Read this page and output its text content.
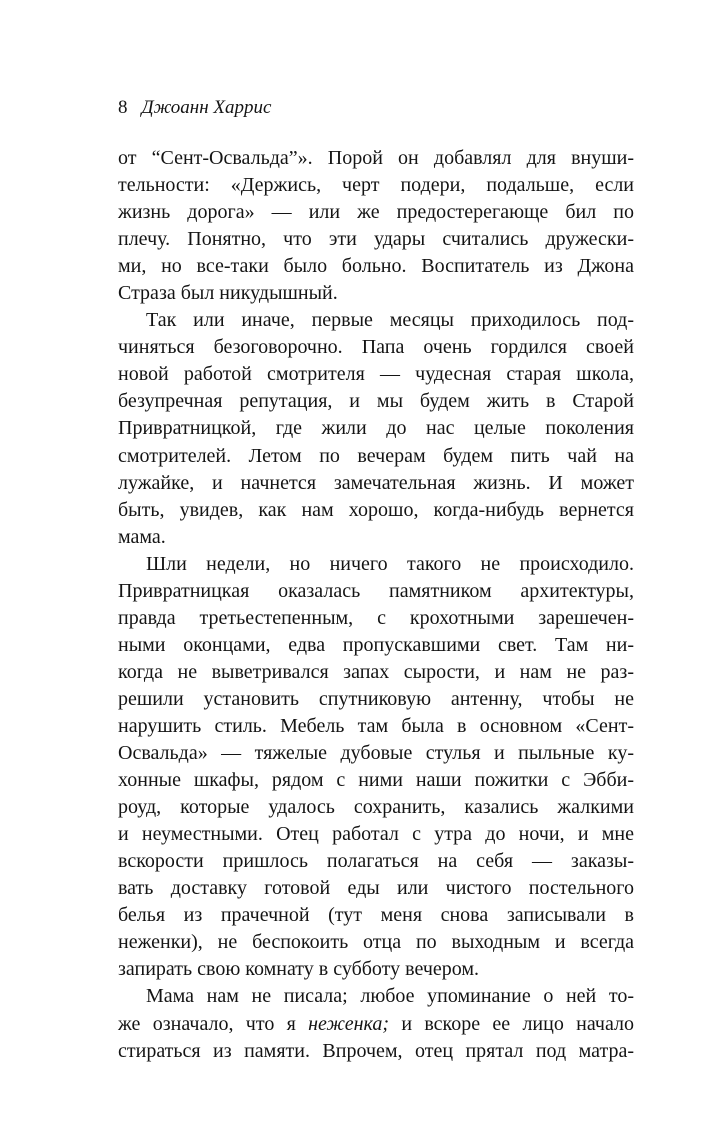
8 Джоанн Харрис
от “Сент-Освальда”». Порой он добавлял для внуши-
тельности: «Держись, черт подери, подальше, если
жизнь дорога» — или же предостерегающе бил по
плечу. Понятно, что эти удары считались дружески-
ми, но все-таки было больно. Воспитатель из Джона
Страза был никудышный.
Так или иначе, первые месяцы приходилось под-
чиняться безоговорочно. Папа очень гордился своей
новой работой смотрителя — чудесная старая школа,
безупречная репутация, и мы будем жить в Старой
Привратницкой, где жили до нас целые поколения
смотрителей. Летом по вечерам будем пить чай на
лужайке, и начнется замечательная жизнь. И может
быть, увидев, как нам хорошо, когда-нибудь вернется
мама.
Шли недели, но ничего такого не происходило.
Привратницкая оказалась памятником архитектуры,
правда третьестепенным, с крохотными зарешечен-
ными оконцами, едва пропускавшими свет. Там ни-
когда не выветривался запах сырости, и нам не раз-
решили установить спутниковую антенну, чтобы не
нарушить стиль. Мебель там была в основном «Сент-
Освальда» — тяжелые дубовые стулья и пыльные ку-
хонные шкафы, рядом с ними наши пожитки с Эбби-
роуд, которые удалось сохранить, казались жалкими
и неуместными. Отец работал с утра до ночи, и мне
вскорости пришлось полагаться на себя — заказы-
вать доставку готовой еды или чистого постельного
белья из прачечной (тут меня снова записывали в
неженки), не беспокоить отца по выходным и всегда
запирать свою комнату в субботу вечером.
Мама нам не писала; любое упоминание о ней то-
же означало, что я неженка; и вскоре ее лицо начало
стираться из памяти. Впрочем, отец прятал под матра-
